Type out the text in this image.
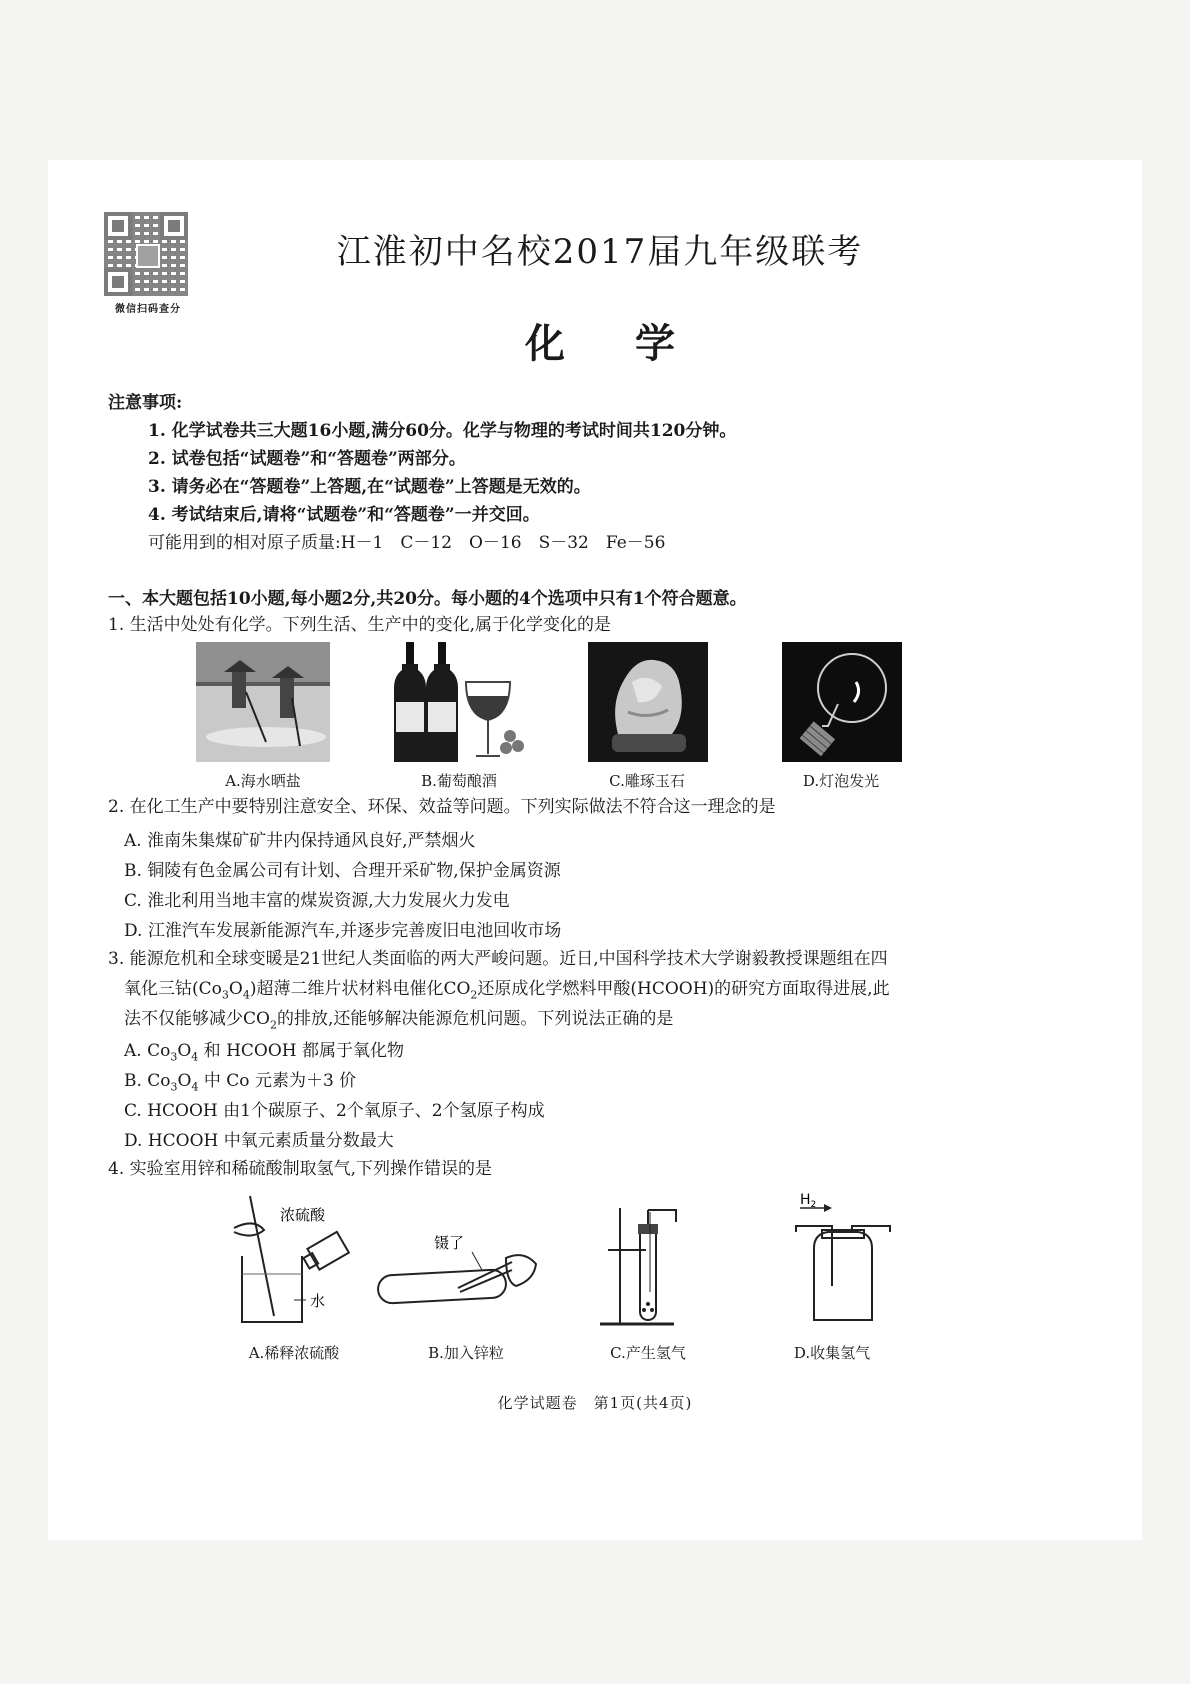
微信扫码查分
江淮初中名校2017届九年级联考
化学
注意事项:
1. 化学试卷共三大题16小题,满分60分。化学与物理的考试时间共120分钟。
2. 试卷包括“试题卷”和“答题卷”两部分。
3. 请务必在“答题卷”上答题,在“试题卷”上答题是无效的。
4. 考试结束后,请将“试题卷”和“答题卷”一并交回。
可能用到的相对原子质量:H－1　C－12　O－16　S－32　Fe－56
一、本大题包括10小题,每小题2分,共20分。每小题的4个选项中只有1个符合题意。
1. 生活中处处有化学。下列生活、生产中的变化,属于化学变化的是
A.海水晒盐	B.葡萄酿酒	C.雕琢玉石	D.灯泡发光
2. 在化工生产中要特别注意安全、环保、效益等问题。下列实际做法不符合这一理念的是
A. 淮南朱集煤矿矿井内保持通风良好,严禁烟火
B. 铜陵有色金属公司有计划、合理开采矿物,保护金属资源
C. 淮北利用当地丰富的煤炭资源,大力发展火力发电
D. 江淮汽车发展新能源汽车,并逐步完善废旧电池回收市场
3. 能源危机和全球变暖是21世纪人类面临的两大严峻问题。近日,中国科学技术大学谢毅教授课题组在四
氧化三钴$(Co_3O_4)$超薄二维片状材料电催化$CO_2$还原成化学燃料甲酸(HCOOH)的研究方面取得进展,此
法不仅能够减少$CO_2$的排放,还能够解决能源危机问题。下列说法正确的是
A. $Co_3O_4$ 和 HCOOH 都属于氧化物
B. $Co_3O_4$ 中 Co 元素为＋3 价
C. HCOOH 由1个碳原子、2个氧原子、2个氢原子构成
D. HCOOH 中氧元素质量分数最大
4. 实验室用锌和稀硫酸制取氢气,下列操作错误的是
浓硫酸
水
镊了
$H_2$
A.稀释浓硫酸	B.加入锌粒	C.产生氢气	D.收集氢气
化学试题卷　第1页(共4页)
